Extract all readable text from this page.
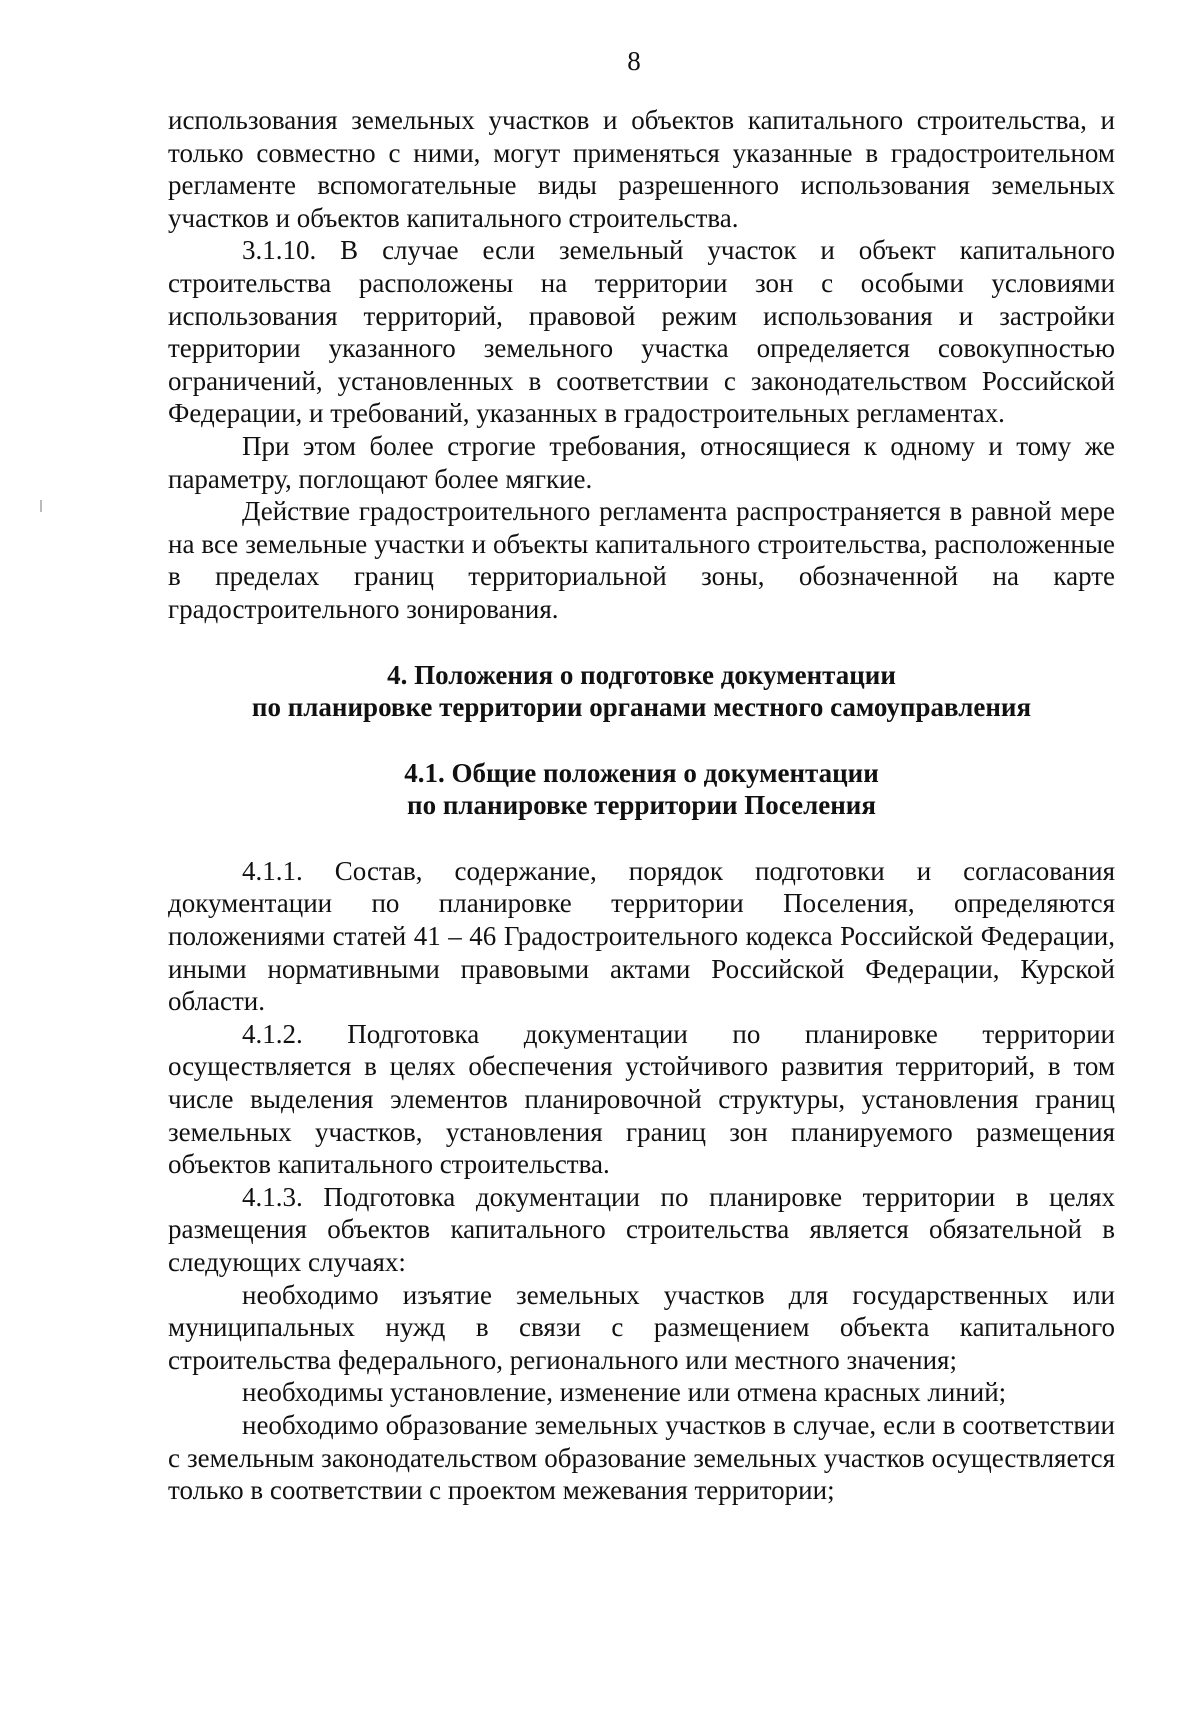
8

использования земельных участков и объектов капитального строительства, и только совместно с ними, могут применяться указанные в градостроительном регламенте вспомогательные виды разрешенного использования земельных участков и объектов капитального строительства.

3.1.10. В случае если земельный участок и объект капитального строительства расположены на территории зон с особыми условиями использования территорий, правовой режим использования и застройки территории указанного земельного участка определяется совокупностью ограничений, установленных в соответствии с законодательством Российской Федерации, и требований, указанных в градостроительных регламентах.

При этом более строгие требования, относящиеся к одному и тому же параметру, поглощают более мягкие.

Действие градостроительного регламента распространяется в равной мере на все земельные участки и объекты капитального строительства, расположенные в пределах границ территориальной зоны, обозначенной на карте градостроительного зонирования.

4. Положения о подготовке документации
по планировке территории органами местного самоуправления

4.1. Общие положения о документации
по планировке территории Поселения

4.1.1. Состав, содержание, порядок подготовки и согласования документации по планировке территории Поселения, определяются положениями статей 41 – 46 Градостроительного кодекса Российской Федерации, иными нормативными правовыми актами Российской Федерации, Курской области.

4.1.2. Подготовка документации по планировке территории осуществляется в целях обеспечения устойчивого развития территорий, в том числе выделения элементов планировочной структуры, установления границ земельных участков, установления границ зон планируемого размещения объектов капитального строительства.

4.1.3. Подготовка документации по планировке территории в целях размещения объектов капитального строительства является обязательной в следующих случаях:

необходимо изъятие земельных участков для государственных или муниципальных нужд в связи с размещением объекта капитального строительства федерального, регионального или местного значения;

необходимы установление, изменение или отмена красных линий;

необходимо образование земельных участков в случае, если в соответствии с земельным законодательством образование земельных участков осуществляется только в соответствии с проектом межевания территории;
